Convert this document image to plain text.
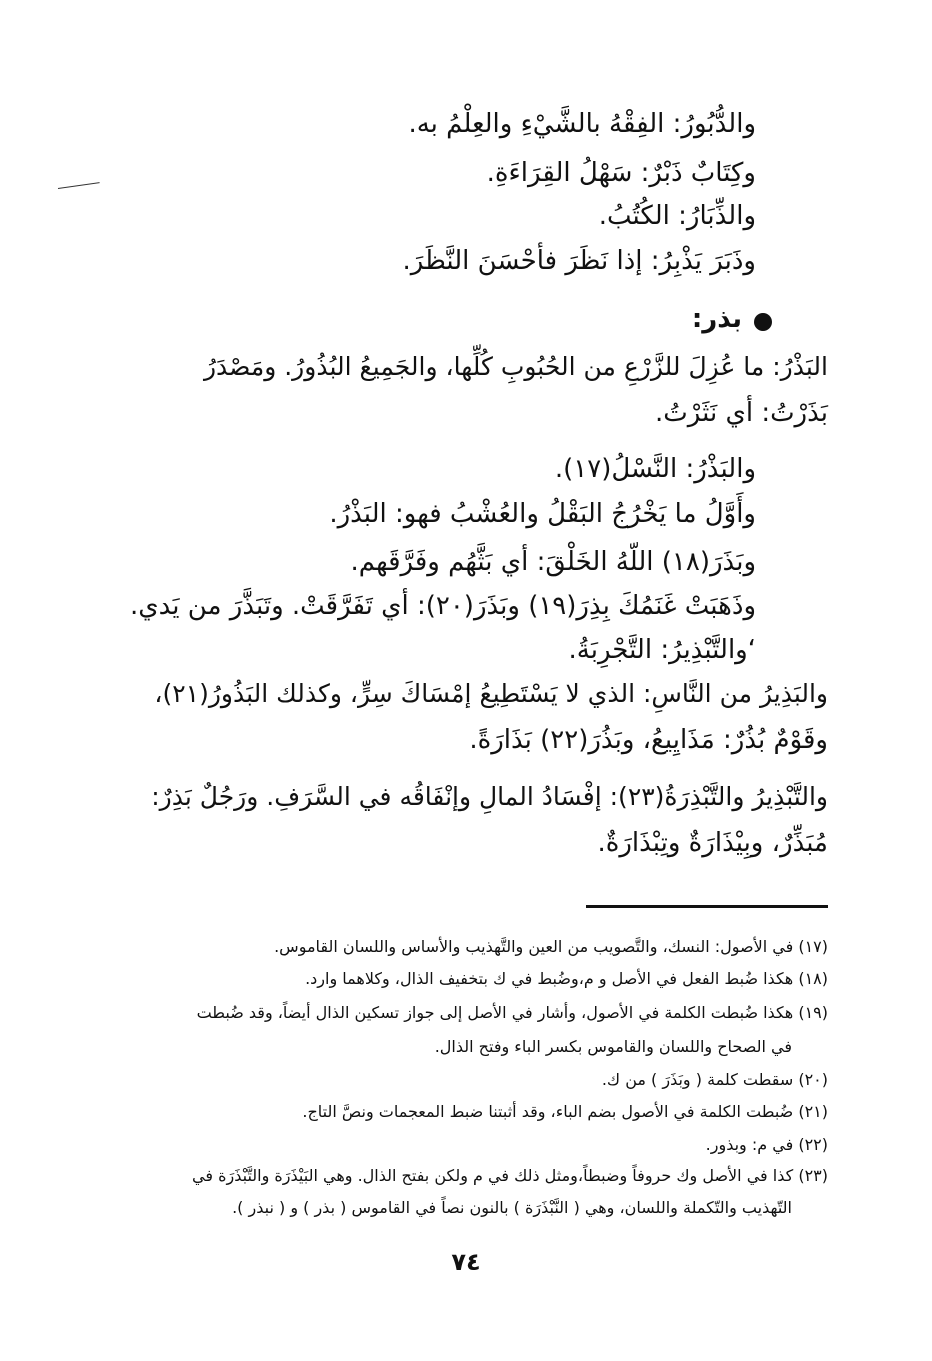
والدُّبُورُ: الفِقْهُ بالشَّيْءِ والعِلْمُ به.
وكِتَابٌ ذَبْرٌ: سَهْلُ القِرَاءَةِ.
والذِّبَارُ: الكُتُبُ.
وذَبَرَ يَذْبِرُ: إذا نَظَرَ فأحْسَنَ النَّظَرَ.
بذر:
البَذْرُ: ما عُزِلَ للزَّرْعِ من الحُبُوبِ كُلِّها، والجَمِيعُ البُذُورُ. ومَصْدَرُ
بَذَرْتُ: أي نَثَرْتُ.
والبَذْرُ: النَّسْلُ(١٧).
وأَوَّلُ ما يَخْرُجُ البَقْلُ والعُشْبُ فهو: البَذْرُ.
وبَذَرَ(١٨) اللّهُ الخَلْقَ: أي بَثَّهُم وفَرَّقَهم.
وذَهَبَتْ غَنَمُكَ بِذِرَ(١٩) وبَذَرَ(٢٠): أي تَفَرَّقَتْ. وتَبَذَّرَ من يَدي.
‘والتَّبْذِيرُ: التَّجْرِبَةُ.
والبَذِيرُ من النَّاسِ: الذي لا يَسْتَطِيعُ إمْسَاكَ سِرٍّ، وكذلك البَذُورُ(٢١)،
وقَوْمٌ بُذُرٌ: مَذَايِيعُ، وبَذُرَ(٢٢) بَذَارَةً.
والتَّبْذِيرُ والتَّبْذِرَةُ(٢٣): إفْسَادُ المالِ وإنْفَاقُه في السَّرَفِ. ورَجُلٌ بَذِرٌ:
مُبَذِّرٌ، وبِيْذَارَةٌ وتِبْذَارَةٌ.
(١٧) في الأصول: النسك، والتَّصويب من العين والتَّهذيب والأساس واللسان القاموس.
(١٨) هكذا ضُبط الفعل في الأصل و م،وضُبط في ك بتخفيف الذال، وكلاهما وارد.
(١٩) هكذا ضُبطت الكلمة في الأصول، وأشار في الأصل إلى جواز تسكين الذال أيضاً، وقد ضُبطت
في الصحاح واللسان والقاموس بكسر الباء وفتح الذال.
(٢٠) سقطت كلمة ( وبَذَرَ ) من ك.
(٢١) ضُبطت الكلمة في الأصول بضم الباء، وقد أثبتنا ضبط المعجمات ونصَّ التاج.
(٢٢) في م: وبذور.
(٢٣) كذا في الأصل وك حروفاً وضبطاً،ومثل ذلك في م ولكن بفتح الذال. وهي البَيْذَرَة والتَّبْذَرَة في
التّهذيب والتّكملة واللسان، وهي ( النَّبْذَرَة ) بالنون نصاً في القاموس ( بذر ) و ( نبذر ).
٧٤
